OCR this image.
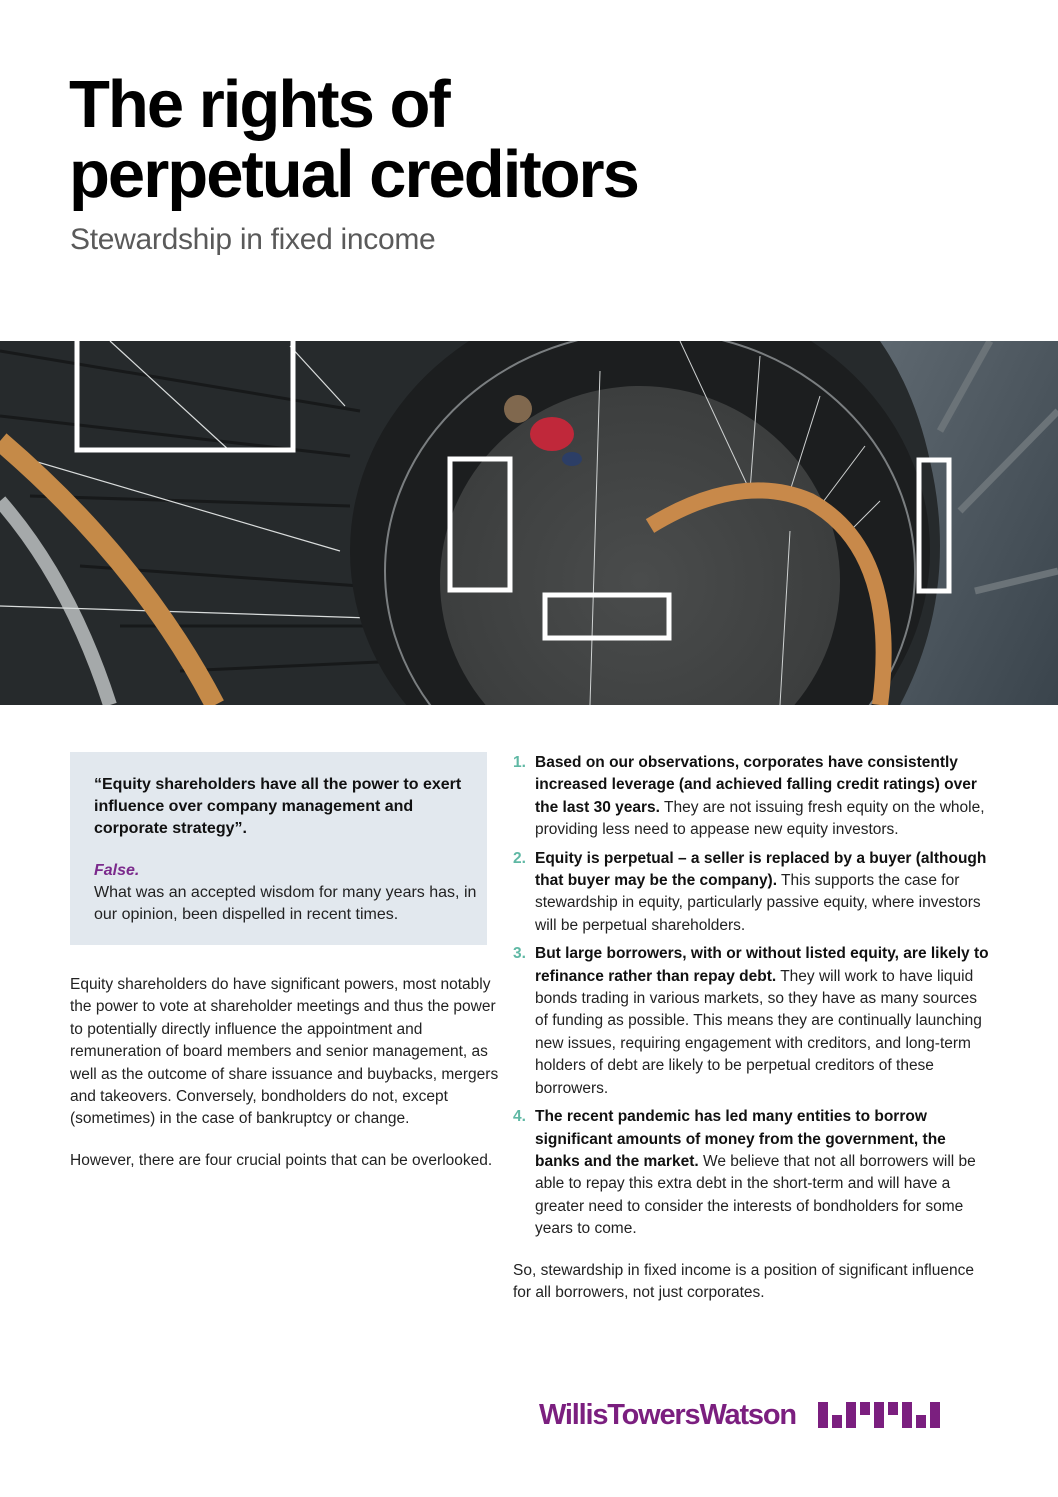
The rights of
perpetual creditors
Stewardship in fixed income
“Equity shareholders have all the power to exert influence over company management and corporate strategy”.
False.
What was an accepted wisdom for many years has, in our opinion, been dispelled in recent times.

Equity shareholders do have significant powers, most notably the power to vote at shareholder meetings and thus the power to potentially directly influence the appointment and remuneration of board members and senior management, as well as the outcome of share issuance and buybacks, mergers and takeovers. Conversely, bondholders do not, except (sometimes) in the case of bankruptcy or change.

However, there are four crucial points that can be overlooked.

1. Based on our observations, corporates have consistently increased leverage (and achieved falling credit ratings) over the last 30 years. They are not issuing fresh equity on the whole, providing less need to appease new equity investors.
2. Equity is perpetual – a seller is replaced by a buyer (although that buyer may be the company). This supports the case for stewardship in equity, particularly passive equity, where investors will be perpetual shareholders.
3. But large borrowers, with or without listed equity, are likely to refinance rather than repay debt. They will work to have liquid bonds trading in various markets, so they have as many sources of funding as possible. This means they are continually launching new issues, requiring engagement with creditors, and long-term holders of debt are likely to be perpetual creditors of these borrowers.
4. The recent pandemic has led many entities to borrow significant amounts of money from the government, the banks and the market. We believe that not all borrowers will be able to repay this extra debt in the short-term and will have a greater need to consider the interests of bondholders for some years to come.

So, stewardship in fixed income is a position of significant influence for all borrowers, not just corporates.

WillisTowersWatson
